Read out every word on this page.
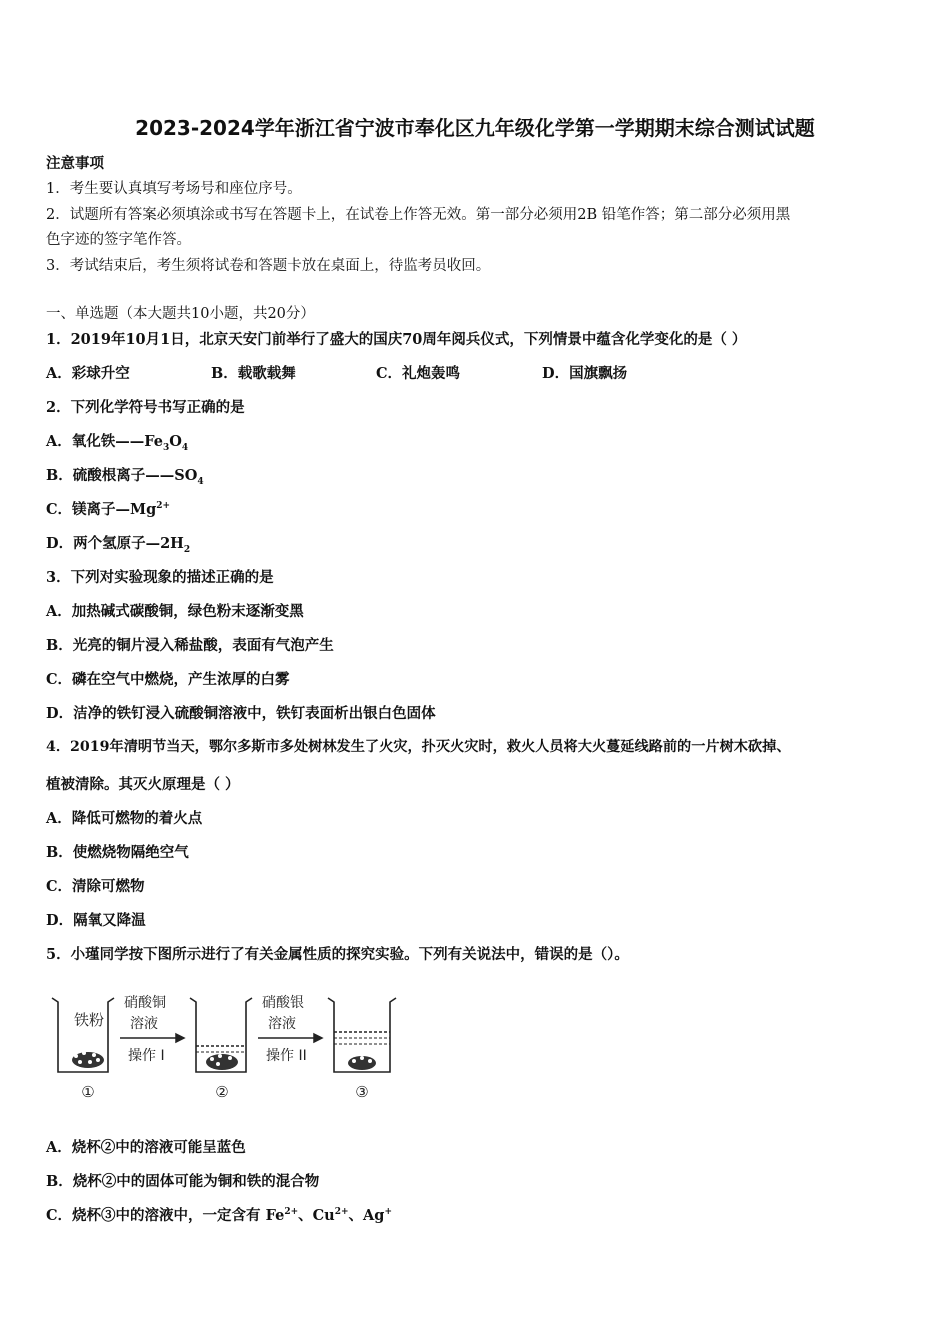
2023-2024学年浙江省宁波市奉化区九年级化学第一学期期末综合测试试题
注意事项
1．考生要认真填写考场号和座位序号。
2．试题所有答案必须填涂或书写在答题卡上，在试卷上作答无效。第一部分必须用2B 铅笔作答；第二部分必须用黑
色字迹的签字笔作答。
3．考试结束后，考生须将试卷和答题卡放在桌面上，待监考员收回。
一、单选题（本大题共10小题，共20分）
1．2019年10月1日，北京天安门前举行了盛大的国庆70周年阅兵仪式，下列情景中蕴含化学变化的是（ ）
A．彩球升空	B．载歌载舞	C．礼炮轰鸣	D．国旗飘扬
2．下列化学符号书写正确的是
A．氧化铁$——Fe_3O_4$
B．硫酸根离子$——SO_4$
C．镁离子$—Mg^{2+}$
D．两个氢原子$—2H_2$
3．下列对实验现象的描述正确的是
A．加热碱式碳酸铜，绿色粉末逐渐变黑
B．光亮的铜片浸入稀盐酸，表面有气泡产生
C．磷在空气中燃烧，产生浓厚的白雾
D．洁净的铁钉浸入硫酸铜溶液中，铁钉表面析出银白色固体
4．2019年清明节当天，鄂尔多斯市多处树林发生了火灾，扑灭火灾时，救火人员将大火蔓延线路前的一片树木砍掉、
植被清除。其灭火原理是（ ）
A．降低可燃物的着火点
B．使燃烧物隔绝空气
C．清除可燃物
D．隔氧又降温
5．小瑾同学按下图所示进行了有关金属性质的探究实验。下列有关说法中，错误的是（）。
铁粉
①
硝酸铜
溶液
操作 I
②
硝酸银
溶液
操作 II
③
A．烧杯②中的溶液可能呈蓝色
B．烧杯②中的固体可能为铜和铁的混合物
C．烧杯③中的溶液中，一定含有 $Fe^{2+}$、$Cu^{2+}$、Ag+
